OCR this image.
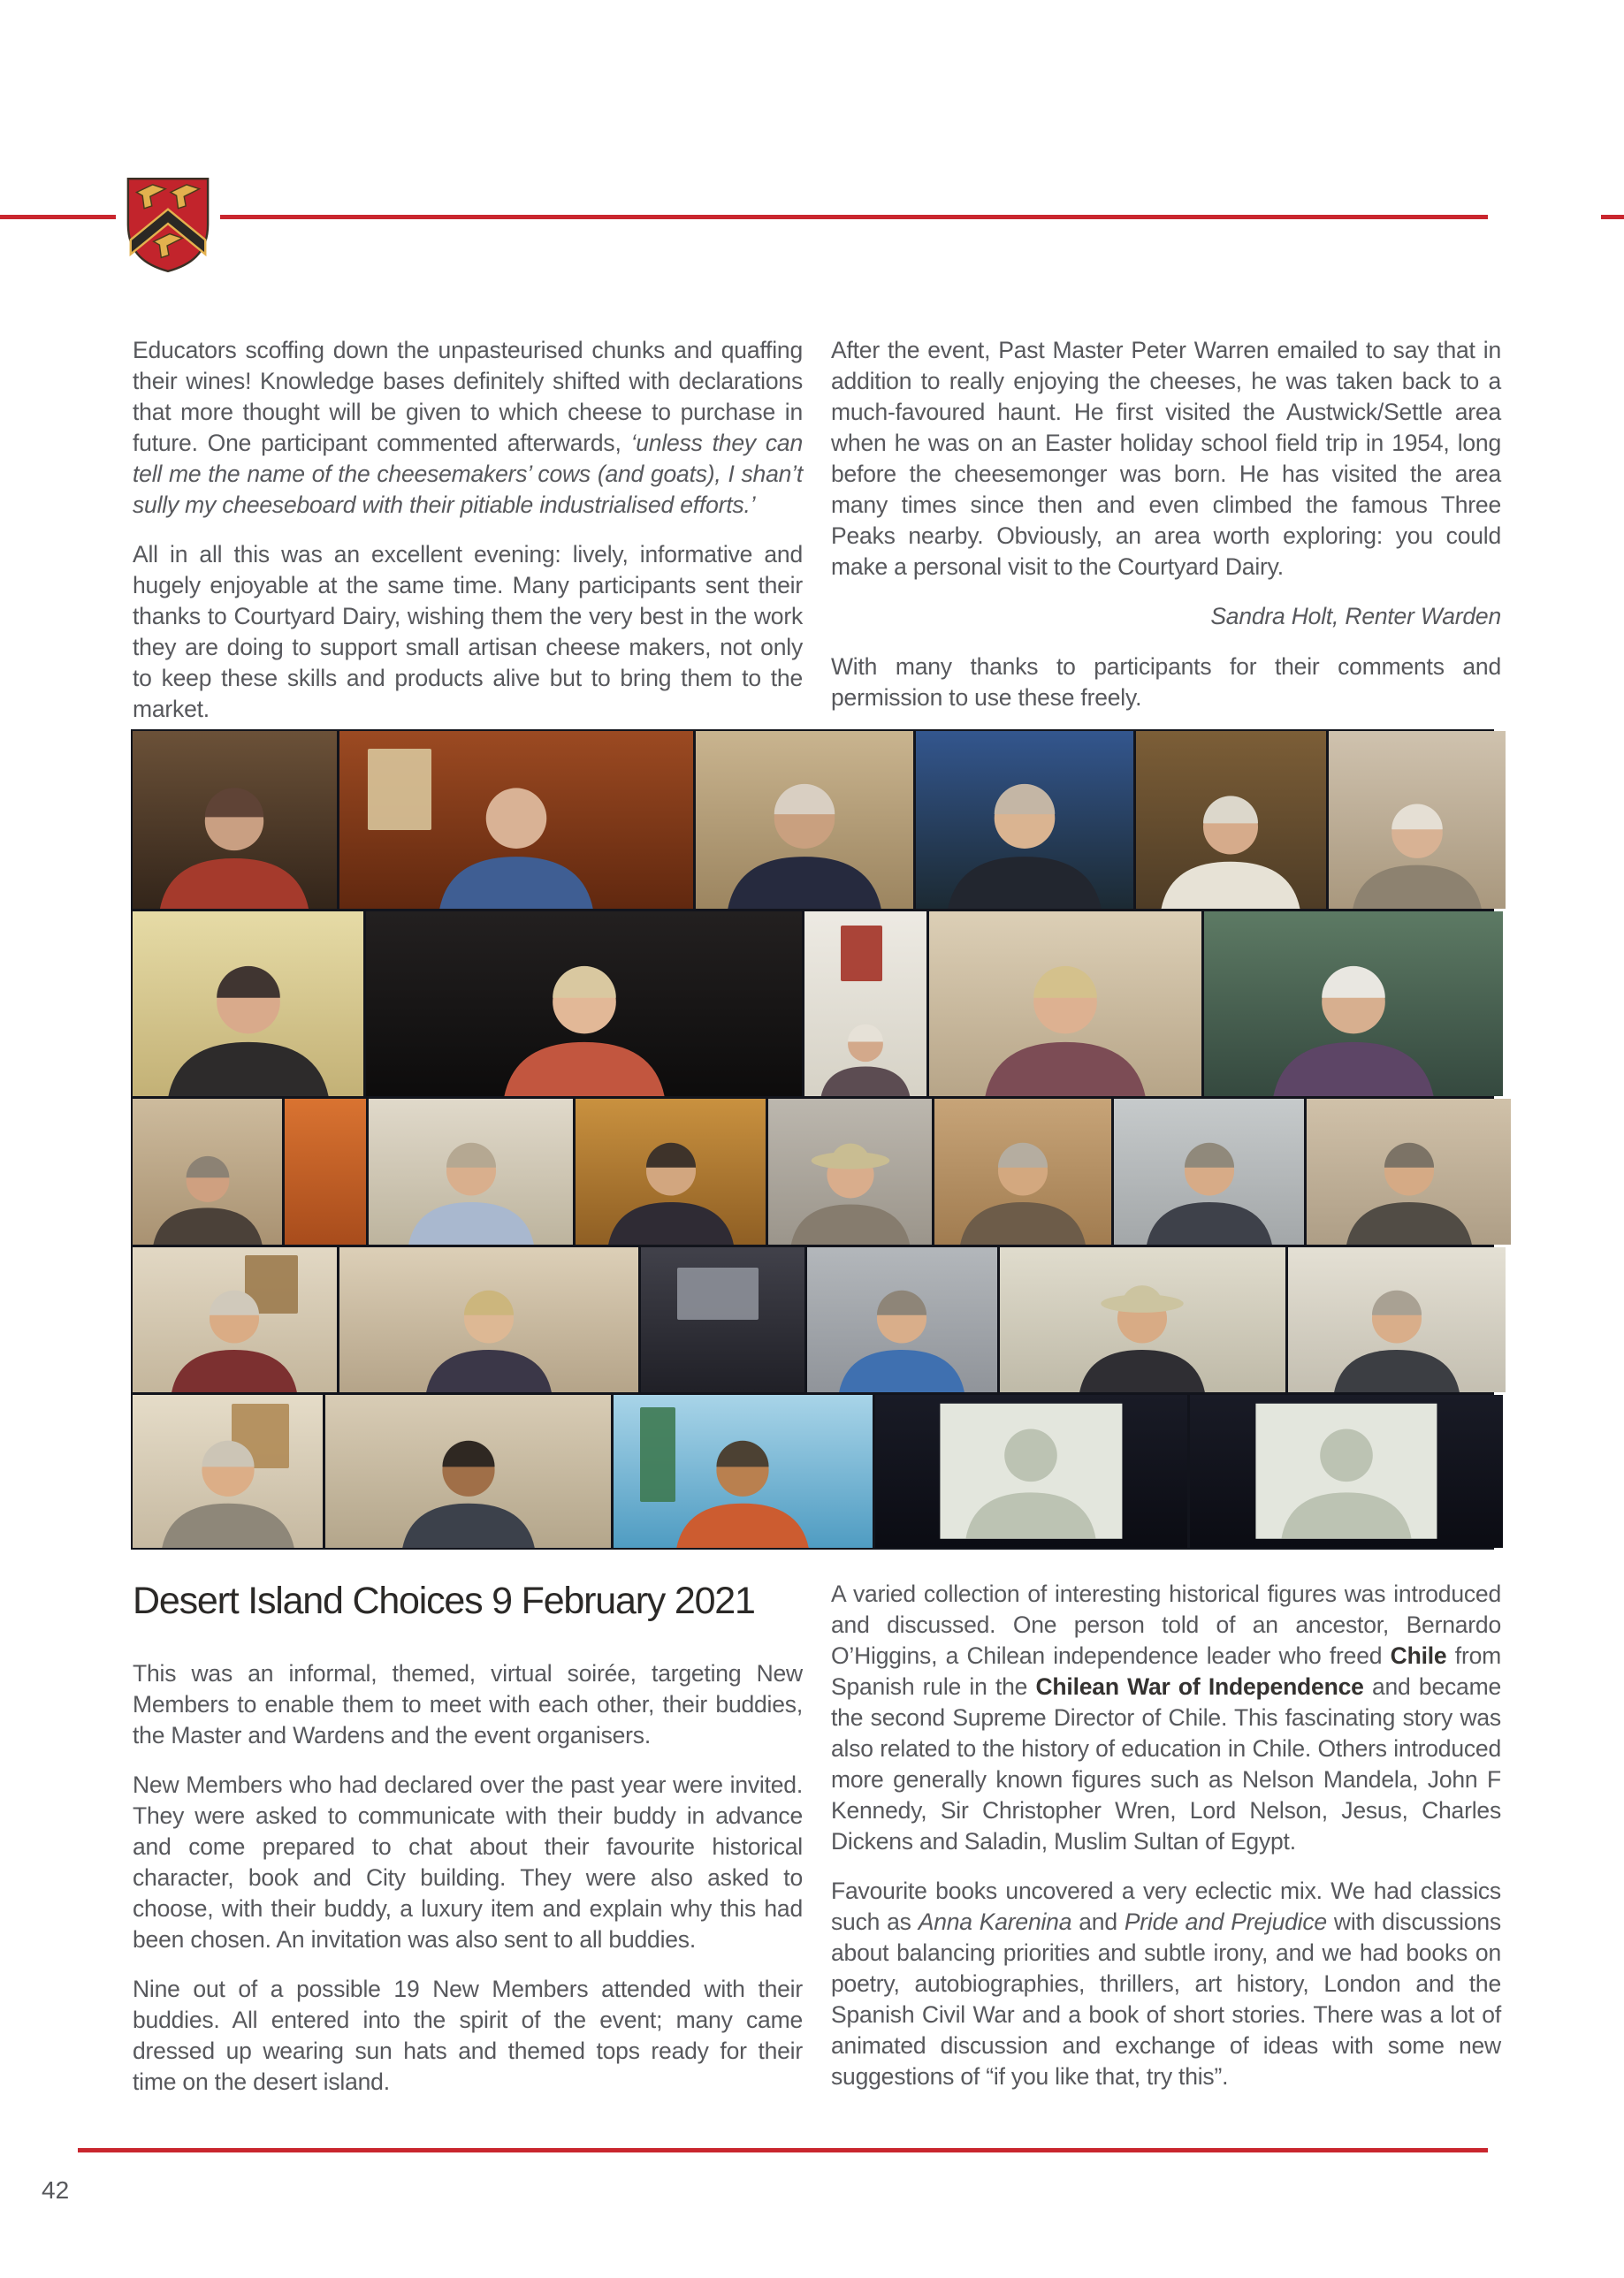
Educators scoffing down the unpasteurised chunks and quaffing their wines! Knowledge bases definitely shifted with declarations that more thought will be given to which cheese to purchase in future. One participant commented afterwards, ‘unless they can tell me the name of the cheesemakers’ cows (and goats), I shan’t sully my cheeseboard with their pitiable industrialised efforts.’

All in all this was an excellent evening: lively, informative and hugely enjoyable at the same time. Many participants sent their thanks to Courtyard Dairy, wishing them the very best in the work they are doing to support small artisan cheese makers, not only to keep these skills and products alive but to bring them to the market.

After the event, Past Master Peter Warren emailed to say that in addition to really enjoying the cheeses, he was taken back to a much-favoured haunt. He first visited the Austwick/Settle area when he was on an Easter holiday school field trip in 1954, long before the cheesemonger was born. He has visited the area many times since then and even climbed the famous Three Peaks nearby. Obviously, an area worth exploring: you could make a personal visit to the Courtyard Dairy.

Sandra Holt, Renter Warden

With many thanks to participants for their comments and permission to use these freely.

Desert Island Choices 9 February 2021

This was an informal, themed, virtual soirée, targeting New Members to enable them to meet with each other, their buddies, the Master and Wardens and the event organisers.

New Members who had declared over the past year were invited. They were asked to communicate with their buddy in advance and come prepared to chat about their favourite historical character, book and City building. They were also asked to choose, with their buddy, a luxury item and explain why this had been chosen. An invitation was also sent to all buddies.

Nine out of a possible 19 New Members attended with their buddies. All entered into the spirit of the event; many came dressed up wearing sun hats and themed tops ready for their time on the desert island.

A varied collection of interesting historical figures was introduced and discussed. One person told of an ancestor, Bernardo O’Higgins, a Chilean independence leader who freed Chile from Spanish rule in the Chilean War of Independence and became the second Supreme Director of Chile. This fascinating story was also related to the history of education in Chile. Others introduced more generally known figures such as Nelson Mandela, John F Kennedy, Sir Christopher Wren, Lord Nelson, Jesus, Charles Dickens and Saladin, Muslim Sultan of Egypt.

Favourite books uncovered a very eclectic mix. We had classics such as Anna Karenina and Pride and Prejudice with discussions about balancing priorities and subtle irony, and we had books on poetry, autobiographies, thrillers, art history, London and the Spanish Civil War and a book of short stories. There was a lot of animated discussion and exchange of ideas with some new suggestions of “if you like that, try this”.

42
